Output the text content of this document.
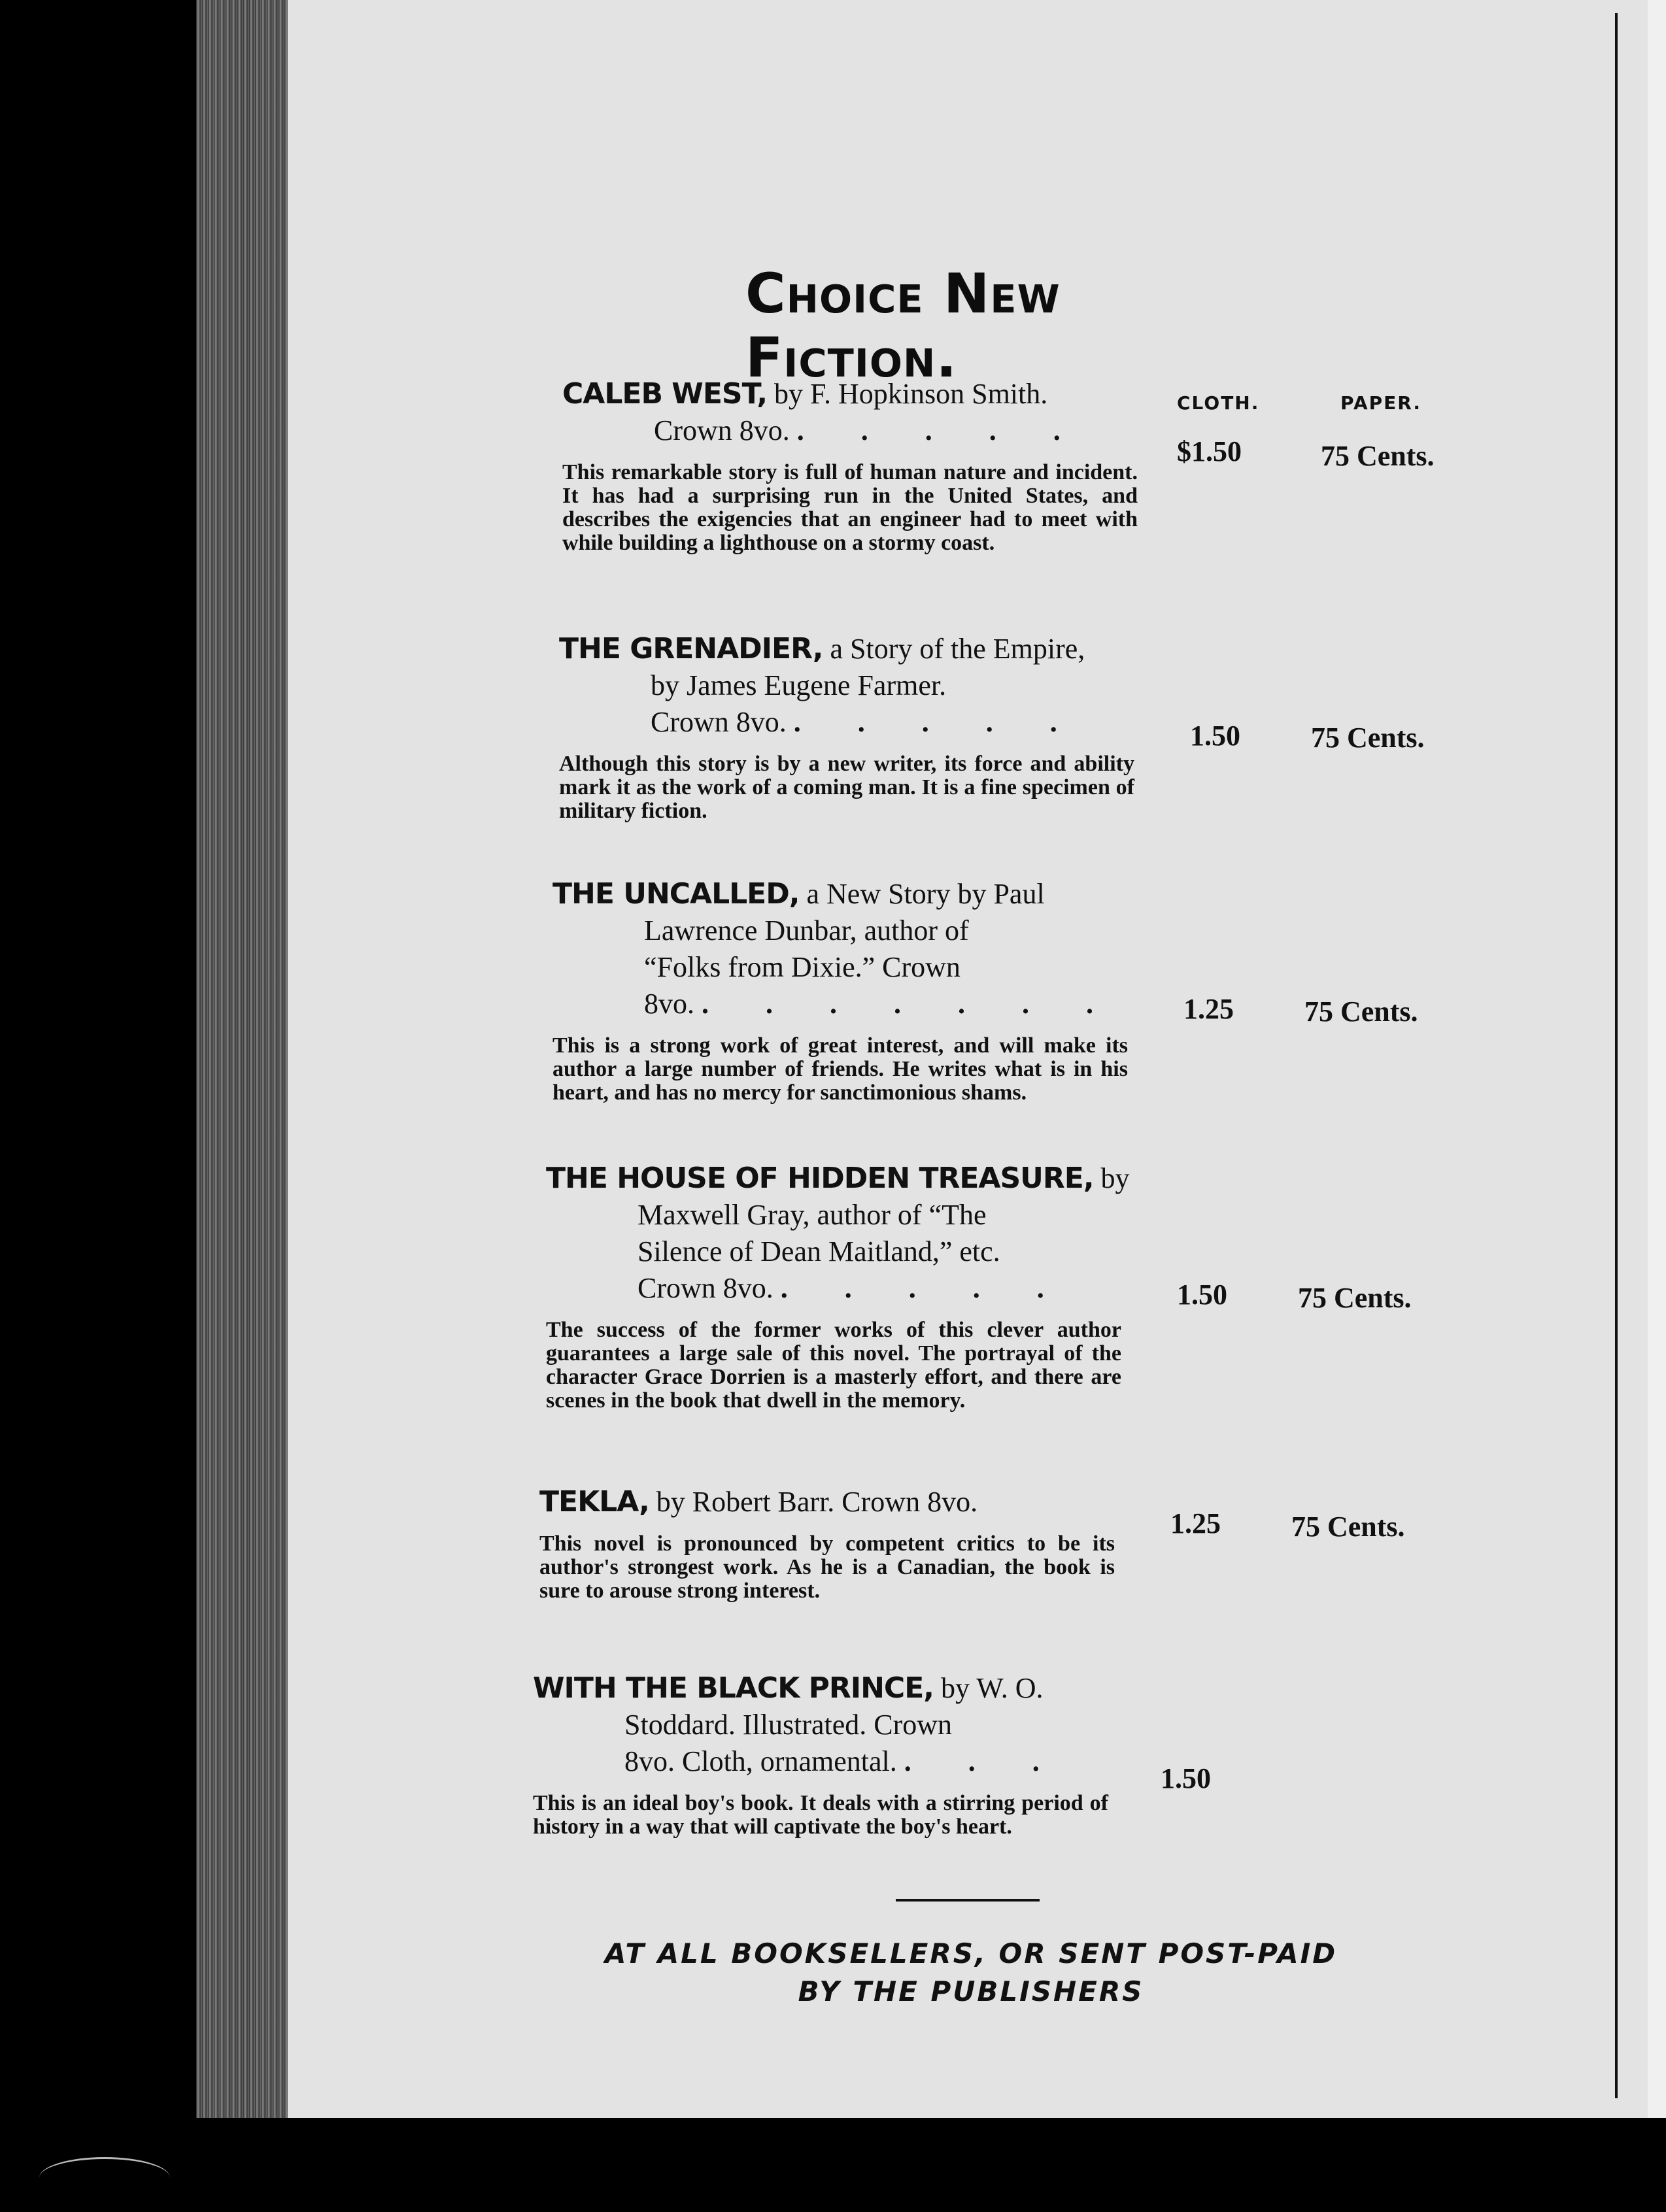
Choice New Fiction.
CLOTH.	PAPER.
CALEB WEST, by F. Hopkinson Smith.
Crown 8vo. . . . . .
This remarkable story is full of human nature and incident. It has had a surprising run in the United States, and describes the exigencies that an engineer had to meet with while building a lighthouse on a stormy coast.
$1.50	75 Cents.
THE GRENADIER, a Story of the Empire,
by James Eugene Farmer.
Crown 8vo. . . . . .
Although this story is by a new writer, its force and ability mark it as the work of a coming man. It is a fine specimen of military fiction.
1.50 75 Cents.
THE UNCALLED, a New Story by Paul
Lawrence Dunbar, author of
“Folks from Dixie.” Crown
8vo. . . . . . . .
This is a strong work of great interest, and will make its author a large number of friends. He writes what is in his heart, and has no mercy for sanctimonious shams.
1.25 75 Cents.
THE HOUSE OF HIDDEN TREASURE, by
Maxwell Gray, author of “The
Silence of Dean Maitland,” etc.
Crown 8vo. . . . . .
The success of the former works of this clever author guarantees a large sale of this novel. The portrayal of the character Grace Dorrien is a masterly effort, and there are scenes in the book that dwell in the memory.
1.50 75 Cents.
TEKLA, by Robert Barr. Crown 8vo.
This novel is pronounced by competent critics to be its author's strongest work. As he is a Canadian, the book is sure to arouse strong interest.
1.25 75 Cents.
WITH THE BLACK PRINCE, by W. O.
Stoddard. Illustrated. Crown
8vo. Cloth, ornamental. . . .
This is an ideal boy's book. It deals with a stirring period of history in a way that will captivate the boy's heart.
1.50
AT ALL BOOKSELLERS, OR SENT POST-PAID
BY THE PUBLISHERS
